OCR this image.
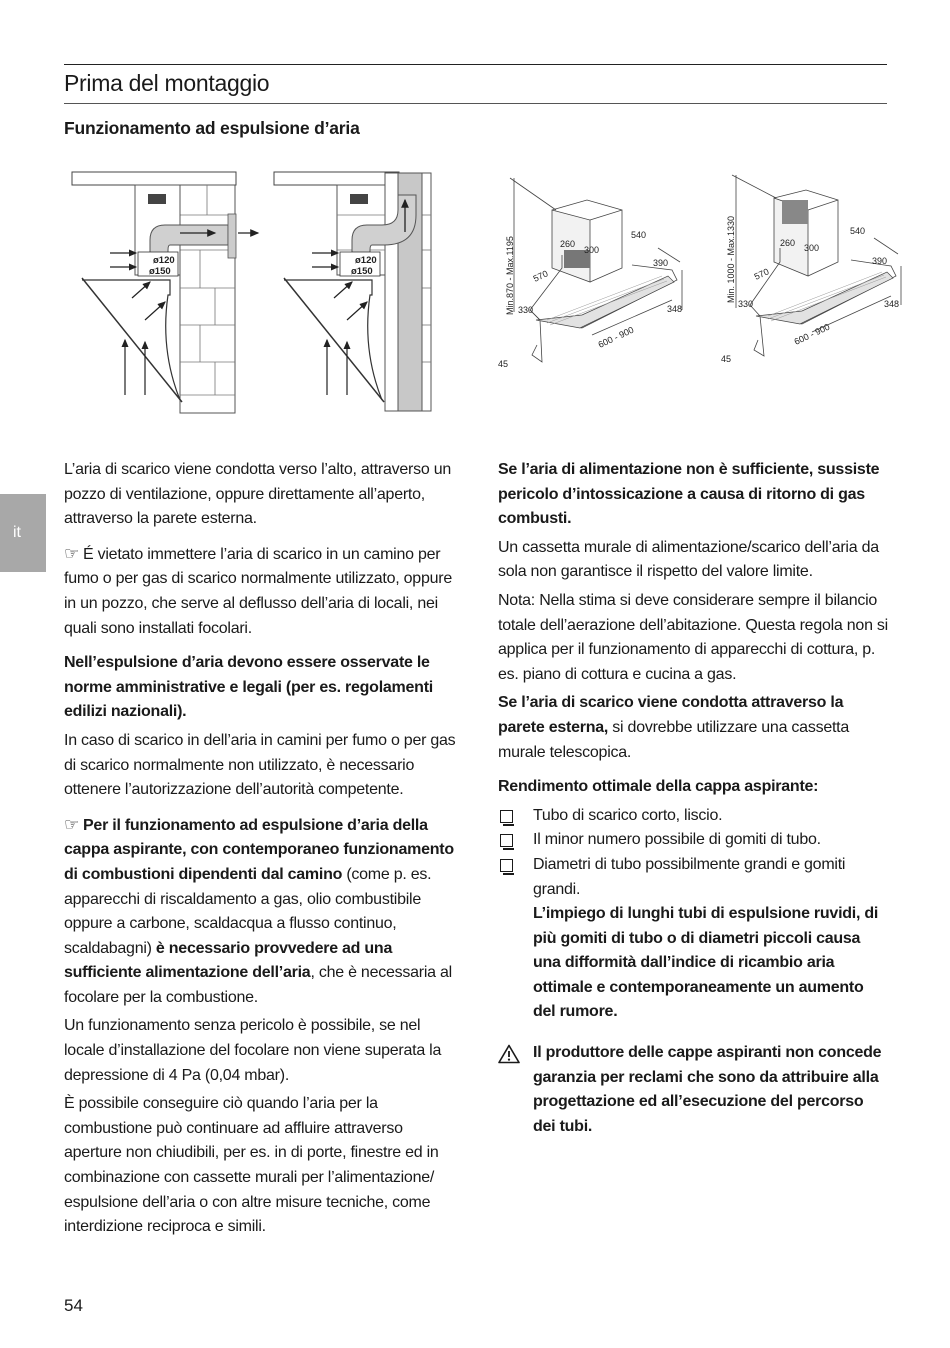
Prima del montaggio
Funzionamento ad espulsione d’aria
it
ø120
ø150
ø120
ø150	Min.870 - Max.1195	260
300
540
390
570
330	348
600 - 900
45
Min. 1000 - Max.1330	260 300
540
390
570
330	348
600 - 900
45

L’aria di scarico viene condotta verso l’alto, attraverso un pozzo di ventilazione, oppure direttamente all’aperto, attraverso la parete esterna.

☞ É vietato immettere l’aria di scarico in un camino per fumo o per gas di scarico normalmente utilizzato, oppure in un pozzo, che serve al deflusso dell’aria di locali, nei quali sono installati focolari.

Nell’espulsione d’aria devono essere osservate le norme amministrative e legali (per es. regolamenti edilizi nazionali).

In caso di scarico in dell’aria in camini per fumo o per gas di scarico normalmente non utilizzato, è necessario ottenere l’autorizzazione dell’autorità competente.

☞ Per il funzionamento ad espulsione d’aria della cappa aspirante, con contemporaneo funzionamento di combustioni dipendenti dal camino (come p. es. apparecchi di riscaldamento a gas, olio combustibile oppure a carbone, scaldacqua a flusso continuo, scaldabagni) è necessario provvedere ad una sufficiente alimentazione dell’aria, che è necessaria al focolare per la combustione.

Un funzionamento senza pericolo è possibile, se nel locale d’installazione del focolare non viene superata la depressione di 4 Pa (0,04 mbar).

È possibile conseguire ciò quando l’aria per la combustione può continuare ad affluire attraverso aperture non chiudibili, per es. in di porte, finestre ed in combinazione con cassette murali per l’alimentazione/ espulsione dell’aria o con altre misure tecniche, come interdizione reciproca e simili.

Se l’aria di alimentazione non è sufficiente, sussiste pericolo d’intossicazione a causa di ritorno di gas combusti.

Un cassetta murale di alimentazione/scarico dell’aria da sola non garantisce il rispetto del valore limite.

Nota: Nella stima si deve considerare sempre il bilancio totale dell’aerazione dell’abitazione. Questa regola non si applica per il funzionamento di apparecchi di cottura, p. es. piano di cottura e cucina a gas.

Se l’aria di scarico viene condotta attraverso la parete esterna, si dovrebbe utilizzare una cassetta murale telescopica.

Rendimento ottimale della cappa aspirante:

Tubo di scarico corto, liscio.
Il minor numero possibile di gomiti di tubo.
Diametri di tubo possibilmente grandi e gomiti grandi.
L’impiego di lunghi tubi di espulsione ruvidi, di più gomiti di tubo o di diametri piccoli causa una difformità dall’indice di ricambio aria ottimale e contemporaneamente un aumento del rumore.
Il produttore delle cappe aspiranti non concede garanzia per reclami che sono da attribuire alla progettazione ed all’esecuzione del percorso dei tubi.
54
